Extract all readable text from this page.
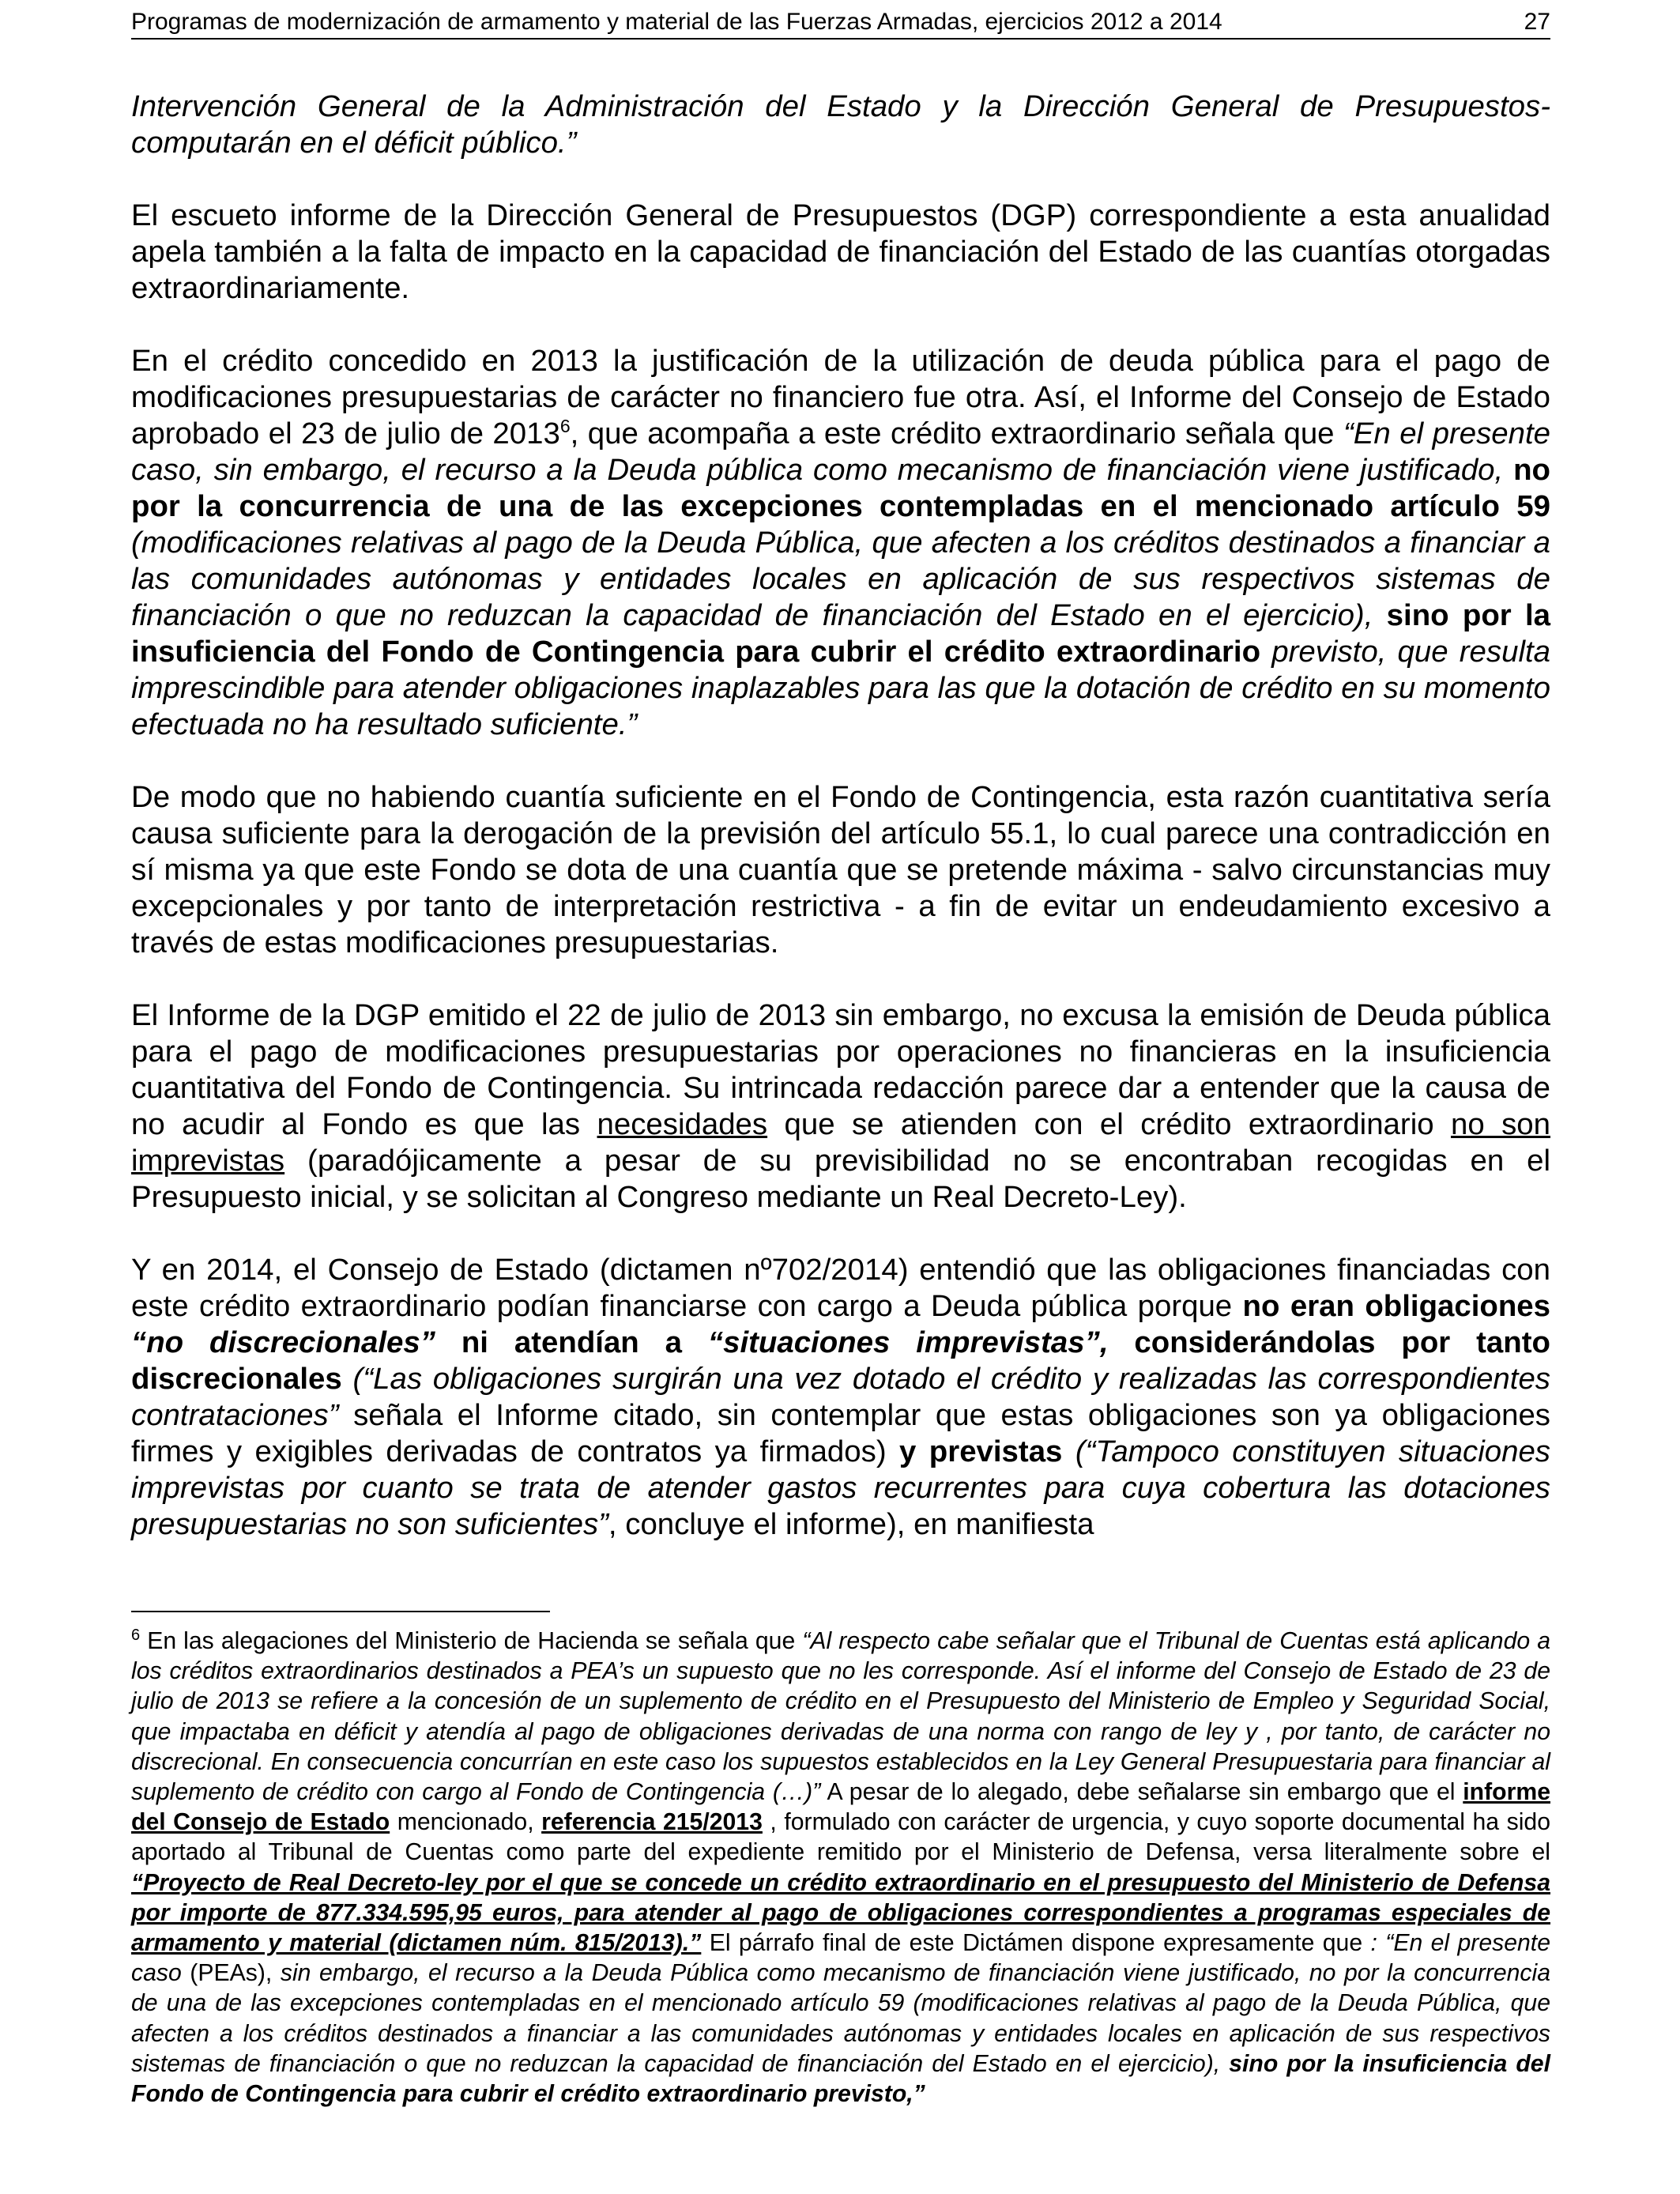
Programas de modernización de armamento y material de las Fuerzas Armadas, ejercicios 2012 a 2014	27

Intervención General de la Administración del Estado y la Dirección General de Presupuestos- computarán en el déficit público.”

El escueto informe de la Dirección General de Presupuestos (DGP) correspondiente a esta anualidad apela también a la falta de impacto en la capacidad de financiación del Estado de las cuantías otorgadas extraordinariamente.

En el crédito concedido en 2013 la justificación de la utilización de deuda pública para el pago de modificaciones presupuestarias de carácter no financiero fue otra. Así, el Informe del Consejo de Estado aprobado el 23 de julio de 2013$^6$, que acompaña a este crédito extraordinario señala que “En el presente caso, sin embargo, el recurso a la Deuda pública como mecanismo de financiación viene justificado, no por la concurrencia de una de las excepciones contempladas en el mencionado artículo 59 (modificaciones relativas al pago de la Deuda Pública, que afecten a los créditos destinados a financiar a las comunidades autónomas y entidades locales en aplicación de sus respectivos sistemas de financiación o que no reduzcan la capacidad de financiación del Estado en el ejercicio), sino por la insuficiencia del Fondo de Contingencia para cubrir el crédito extraordinario previsto, que resulta imprescindible para atender obligaciones inaplazables para las que la dotación de crédito en su momento efectuada no ha resultado suficiente.”

De modo que no habiendo cuantía suficiente en el Fondo de Contingencia, esta razón cuantitativa sería causa suficiente para la derogación de la previsión del artículo 55.1, lo cual parece una contradicción en sí misma ya que este Fondo se dota de una cuantía que se pretende máxima - salvo circunstancias muy excepcionales y por tanto de interpretación restrictiva - a fin de evitar un endeudamiento excesivo a través de estas modificaciones presupuestarias.

El Informe de la DGP emitido el 22 de julio de 2013 sin embargo, no excusa la emisión de Deuda pública para el pago de modificaciones presupuestarias por operaciones no financieras en la insuficiencia cuantitativa del Fondo de Contingencia. Su intrincada redacción parece dar a entender que la causa de no acudir al Fondo es que las necesidades que se atienden con el crédito extraordinario no son imprevistas (paradójicamente a pesar de su previsibilidad no se encontraban recogidas en el Presupuesto inicial, y se solicitan al Congreso mediante un Real Decreto-Ley).

Y en 2014, el Consejo de Estado (dictamen nº702/2014) entendió que las obligaciones financiadas con este crédito extraordinario podían financiarse con cargo a Deuda pública porque no eran obligaciones “no discrecionales” ni atendían a “situaciones imprevistas”, considerándolas por tanto discrecionales (“Las obligaciones surgirán una vez dotado el crédito y realizadas las correspondientes contrataciones” señala el Informe citado, sin contemplar que estas obligaciones son ya obligaciones firmes y exigibles derivadas de contratos ya firmados) y previstas (“Tampoco constituyen situaciones imprevistas por cuanto se trata de atender gastos recurrentes para cuya cobertura las dotaciones presupuestarias no son suficientes”, concluye el informe), en manifiesta

$^6$ En las alegaciones del Ministerio de Hacienda se señala que “Al respecto cabe señalar que el Tribunal de Cuentas está aplicando a los créditos extraordinarios destinados a PEA’s un supuesto que no les corresponde. Así el informe del Consejo de Estado de 23 de julio de 2013 se refiere a la concesión de un suplemento de crédito en el Presupuesto del Ministerio de Empleo y Seguridad Social, que impactaba en déficit y atendía al pago de obligaciones derivadas de una norma con rango de ley y , por tanto, de carácter no discrecional. En consecuencia concurrían en este caso los supuestos establecidos en la Ley General Presupuestaria para financiar al suplemento de crédito con cargo al Fondo de Contingencia (…)” A pesar de lo alegado, debe señalarse sin embargo que el informe del Consejo de Estado mencionado, referencia 215/2013 , formulado con carácter de urgencia, y cuyo soporte documental ha sido aportado al Tribunal de Cuentas como parte del expediente remitido por el Ministerio de Defensa, versa literalmente sobre el “Proyecto de Real Decreto-ley por el que se concede un crédito extraordinario en el presupuesto del Ministerio de Defensa por importe de 877.334.595,95 euros, para atender al pago de obligaciones correspondientes a programas especiales de armamento y material (dictamen núm. 815/2013).” El párrafo final de este Dictámen dispone expresamente que : “En el presente caso (PEAs), sin embargo, el recurso a la Deuda Pública como mecanismo de financiación viene justificado, no por la concurrencia de una de las excepciones contempladas en el mencionado artículo 59 (modificaciones relativas al pago de la Deuda Pública, que afecten a los créditos destinados a financiar a las comunidades autónomas y entidades locales en aplicación de sus respectivos sistemas de financiación o que no reduzcan la capacidad de financiación del Estado en el ejercicio), sino por la insuficiencia del Fondo de Contingencia para cubrir el crédito extraordinario previsto,”
